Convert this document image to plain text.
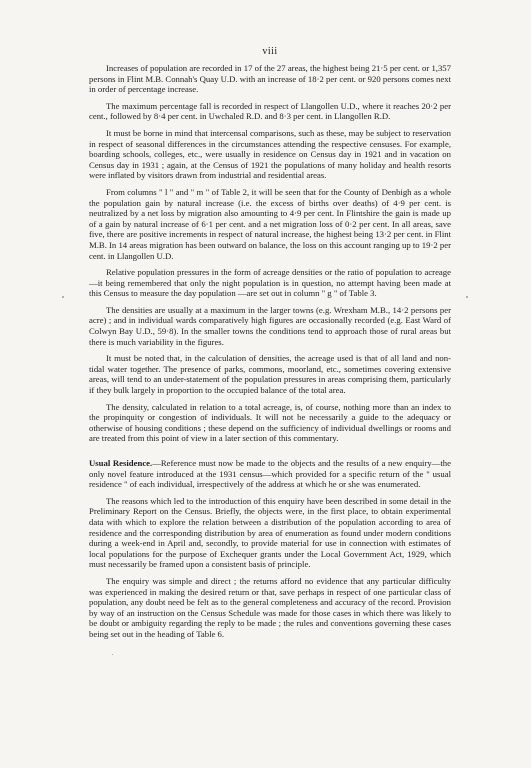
viii

Increases of population are recorded in 17 of the 27 areas, the highest being 21·5 per cent. or 1,357 persons in Flint M.B. Connah's Quay U.D. with an increase of 18·2 per cent. or 920 persons comes next in order of percentage increase.

The maximum percentage fall is recorded in respect of Llangollen U.D., where it reaches 20·2 per cent., followed by 8·4 per cent. in Uwchaled R.D. and 8·3 per cent. in Llangollen R.D.

It must be borne in mind that intercensal comparisons, such as these, may be subject to reservation in respect of seasonal differences in the circumstances attending the respective censuses. For example, boarding schools, colleges, etc., were usually in residence on Census day in 1921 and in vacation on Census day in 1931 ; again, at the Census of 1921 the populations of many holiday and health resorts were inflated by visitors drawn from industrial and residential areas.

From columns " l " and " m " of Table 2, it will be seen that for the County of Denbigh as a whole the population gain by natural increase (i.e. the excess of births over deaths) of 4·9 per cent. is neutralized by a net loss by migration also amounting to 4·9 per cent. In Flintshire the gain is made up of a gain by natural increase of 6·1 per cent. and a net migration loss of 0·2 per cent. In all areas, save five, there are positive increments in respect of natural increase, the highest being 13·2 per cent. in Flint M.B. In 14 areas migration has been outward on balance, the loss on this account ranging up to 19·2 per cent. in Llangollen U.D.

Relative population pressures in the form of acreage densities or the ratio of population to acreage—it being remembered that only the night population is in question, no attempt having been made at this Census to measure the day population —are set out in column " g " of Table 3.

The densities are usually at a maximum in the larger towns (e.g. Wrexham M.B., 14·2 persons per acre) ; and in individual wards comparatively high figures are occasionally recorded (e.g. East Ward of Colwyn Bay U.D., 59·8). In the smaller towns the conditions tend to approach those of rural areas but there is much variability in the figures.

It must be noted that, in the calculation of densities, the acreage used is that of all land and non-tidal water together. The presence of parks, commons, moorland, etc., sometimes covering extensive areas, will tend to an under-statement of the population pressures in areas comprising them, particularly if they bulk largely in proportion to the occupied balance of the total area.

The density, calculated in relation to a total acreage, is, of course, nothing more than an index to the propinquity or congestion of individuals. It will not be necessarily a guide to the adequacy or otherwise of housing conditions ; these depend on the sufficiency of individual dwellings or rooms and are treated from this point of view in a later section of this commentary.

Usual Residence.—Reference must now be made to the objects and the results of a new enquiry—the only novel feature introduced at the 1931 census—which provided for a specific return of the " usual residence " of each individual, irrespectively of the address at which he or she was enumerated.

The reasons which led to the introduction of this enquiry have been described in some detail in the Preliminary Report on the Census. Briefly, the objects were, in the first place, to obtain experimental data with which to explore the relation between a distribution of the population according to area of residence and the corresponding distribution by area of enumeration as found under modern conditions during a week-end in April and, secondly, to provide material for use in connection with estimates of local populations for the purpose of Exchequer grants under the Local Government Act, 1929, which must necessarily be framed upon a consistent basis of principle.

The enquiry was simple and direct ; the returns afford no evidence that any particular difficulty was experienced in making the desired return or that, save perhaps in respect of one particular class of population, any doubt need be felt as to the general completeness and accuracy of the record. Provision by way of an instruction on the Census Schedule was made for those cases in which there was likely to be doubt or ambiguity regarding the reply to be made ; the rules and conventions governing these cases being set out in the heading of Table 6.
